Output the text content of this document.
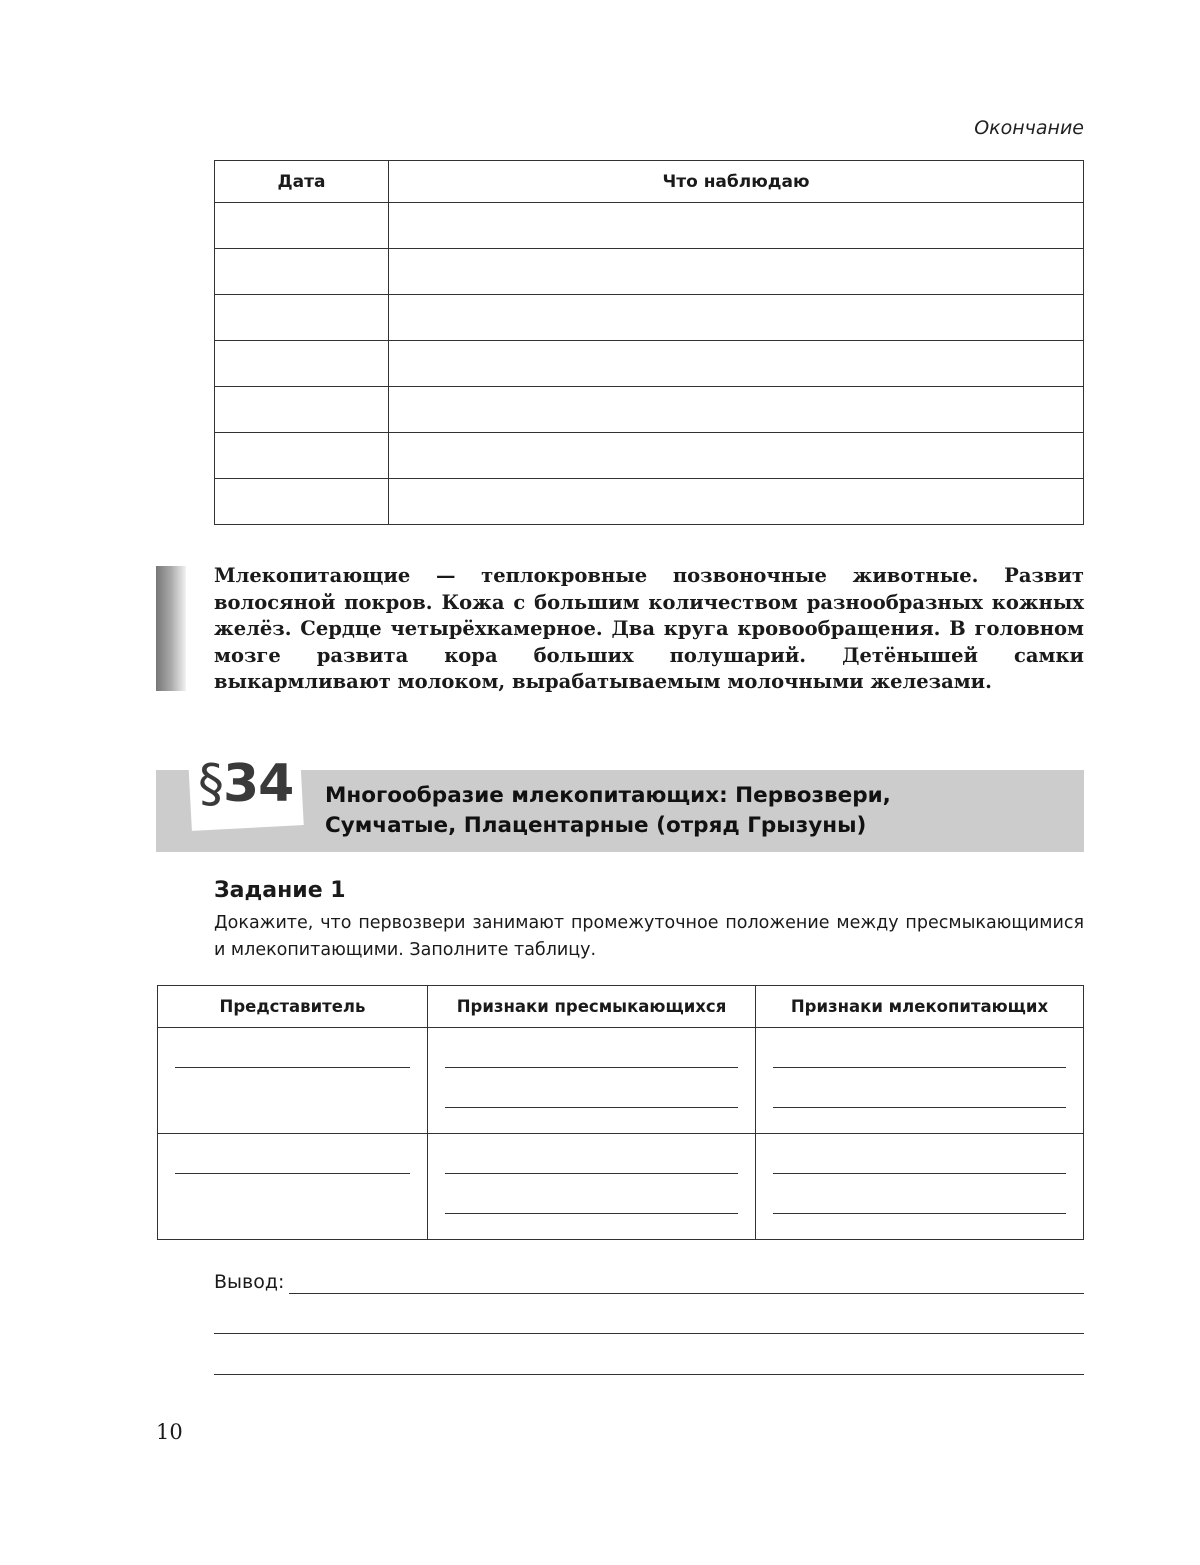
Окончание
Дата	Что наблюдаю

Млекопитающие — теплокровные позвоночные животные. Развит волосяной покров. Кожа с большим количеством разнообразных кожных желёз. Сердце четырёхкамерное. Два круга кровообращения. В головном мозге развита кора больших полушарий. Детёнышей самки выкармливают молоком, вырабатываемым молочными железами.
§34 Многообразие млекопитающих: Первозвери,
Сумчатые, Плацентарные (отряд Грызуны)
Задание 1
Докажите, что первозвери занимают промежуточное положение между пресмыкающимися и млекопитающими. Заполните таблицу.
Представитель	Признаки пресмыкающихся	Признаки млекопитающих

Вывод:
10
